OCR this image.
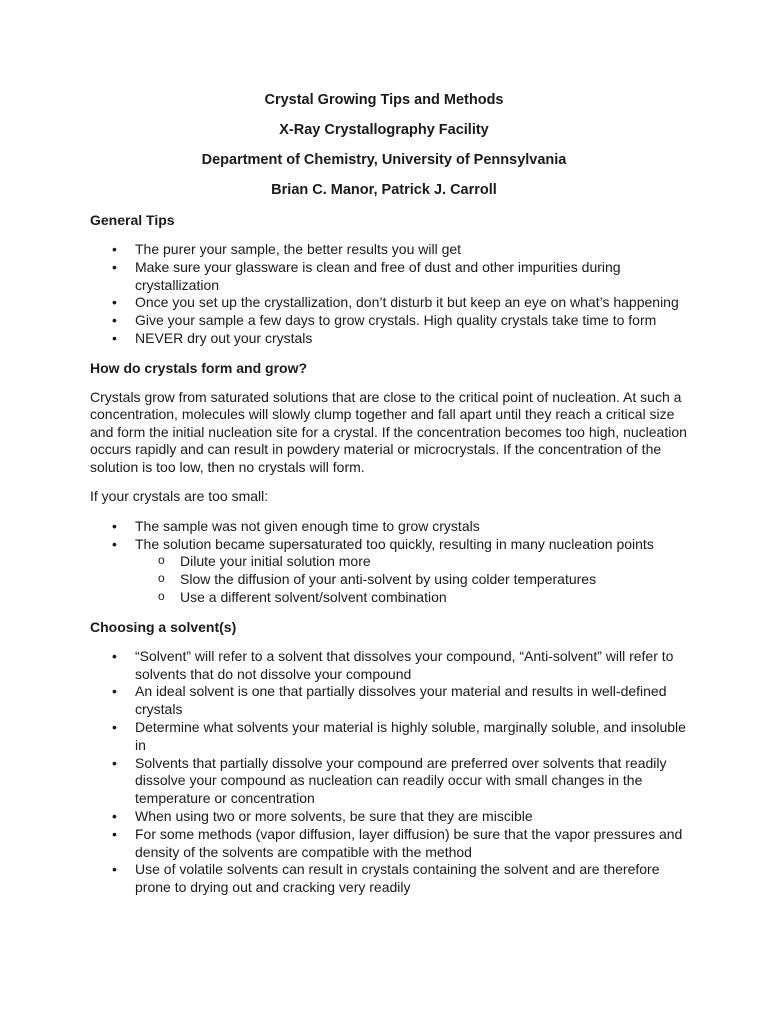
Crystal Growing Tips and Methods
X-Ray Crystallography Facility
Department of Chemistry, University of Pennsylvania
Brian C. Manor, Patrick J. Carroll
General Tips
• The purer your sample, the better results you will get
• Make sure your glassware is clean and free of dust and other impurities during crystallization
• Once you set up the crystallization, don’t disturb it but keep an eye on what’s happening
• Give your sample a few days to grow crystals. High quality crystals take time to form
• NEVER dry out your crystals
How do crystals form and grow?

Crystals grow from saturated solutions that are close to the critical point of nucleation. At such a concentration, molecules will slowly clump together and fall apart until they reach a critical size and form the initial nucleation site for a crystal. If the concentration becomes too high, nucleation occurs rapidly and can result in powdery material or microcrystals. If the concentration of the solution is too low, then no crystals will form.

If your crystals are too small:

• The sample was not given enough time to grow crystals
• The solution became supersaturated too quickly, resulting in many nucleation points
o Dilute your initial solution more
o Slow the diffusion of your anti-solvent by using colder temperatures
o Use a different solvent/solvent combination
Choosing a solvent(s)
• “Solvent” will refer to a solvent that dissolves your compound, “Anti-solvent” will refer to solvents that do not dissolve your compound
• An ideal solvent is one that partially dissolves your material and results in well-defined crystals
• Determine what solvents your material is highly soluble, marginally soluble, and insoluble in
• Solvents that partially dissolve your compound are preferred over solvents that readily dissolve your compound as nucleation can readily occur with small changes in the temperature or concentration
• When using two or more solvents, be sure that they are miscible
• For some methods (vapor diffusion, layer diffusion) be sure that the vapor pressures and density of the solvents are compatible with the method
• Use of volatile solvents can result in crystals containing the solvent and are therefore prone to drying out and cracking very readily
